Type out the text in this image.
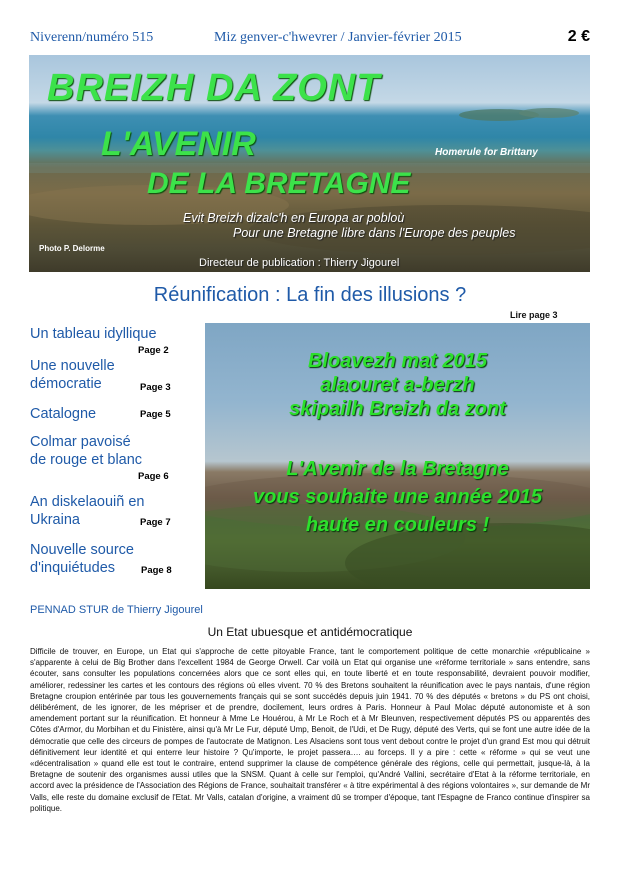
Niverenn/numéro 515	Miz genver-c'hwevrer / Janvier-février 2015	2 €
BREIZH DA ZONT
L'AVENIR
DE LA BRETAGNE
Homerule for Brittany
Evit Breizh dizalc'h en Europa ar pobloù
Pour une Bretagne libre dans l'Europe des peuples
Photo P. Delorme
Directeur de publication : Thierry Jigourel
Réunification : La fin des illusions ?
Lire page 3
Un tableau idyllique
Page 2
Une nouvelle
démocratie	Page 3
Catalogne	Page 5
Colmar pavoisé
de rouge et blanc
Page 6
An diskelaouiñ en
Ukraina	Page 7
Nouvelle source
d'inquiétudes	Page 8
Bloavezh mat 2015
alaouret a-berzh
skipailh Breizh da zont
L'Avenir de la Bretagne
vous souhaite une année 2015
haute en couleurs !
PENNAD STUR de Thierry Jigourel
Un Etat ubuesque et antidémocratique
Difficile de trouver, en Europe, un Etat qui s'approche de cette pitoyable France, tant le comportement politique de cette monarchie «républicaine » s'apparente à celui de Big Brother dans l'excellent 1984 de George Orwell. Car voilà un Etat qui organise une «réforme territoriale » sans entendre, sans écouter, sans consulter les populations concernées alors que ce sont elles qui, en toute liberté et en toute responsabilité, devraient pouvoir modifier, améliorer, redessiner les cartes et les contours des régions où elles vivent. 70 % des Bretons souhaitent la réunification avec le pays nantais, d'une région Bretagne croupion entérinée par tous les gouvernements français qui se sont succédés depuis juin 1941. 70 % des députés « bretons » du PS ont choisi, délibérément, de les ignorer, de les mépriser et de prendre, docilement, leurs ordres à Paris. Honneur à Paul Molac député autonomiste et à son amendement portant sur la réunification. Et honneur à Mme Le Houérou, à Mr Le Roch et à Mr Bleunven, respectivement députés PS ou apparentés des Côtes d'Armor, du Morbihan et du Finistère, ainsi qu'à Mr Le Fur, député Ump, Benoit, de l'Udi, et De Rugy, député des Verts, qui se font une autre idée de la démocratie que celle des circeurs de pompes de l'autocrate de Matignon. Les Alsaciens sont tous vent debout contre le projet d'un grand Est mou qui détruit définitivement leur identité et qui enterre leur histoire ? Qu'importe, le projet passera…. au forceps. Il y a pire : cette « réforme » qui se veut une «décentralisation » quand elle est tout le contraire, entend supprimer la clause de compétence générale des régions, celle qui permettait, jusque-là, à la Bretagne de soutenir des organismes aussi utiles que la SNSM. Quant à celle sur l'emploi, qu'André Vallini, secrétaire d'Etat à la réforme territoriale, en accord avec la présidence de l'Association des Régions de France, souhaitait transférer « à titre expérimental à des régions volontaires », sur demande de Mr Valls, elle reste du domaine exclusif de l'Etat. Mr Valls, catalan d'origine, a vraiment dû se tromper d'époque, tant l'Espagne de Franco continue d'inspirer sa politique.
